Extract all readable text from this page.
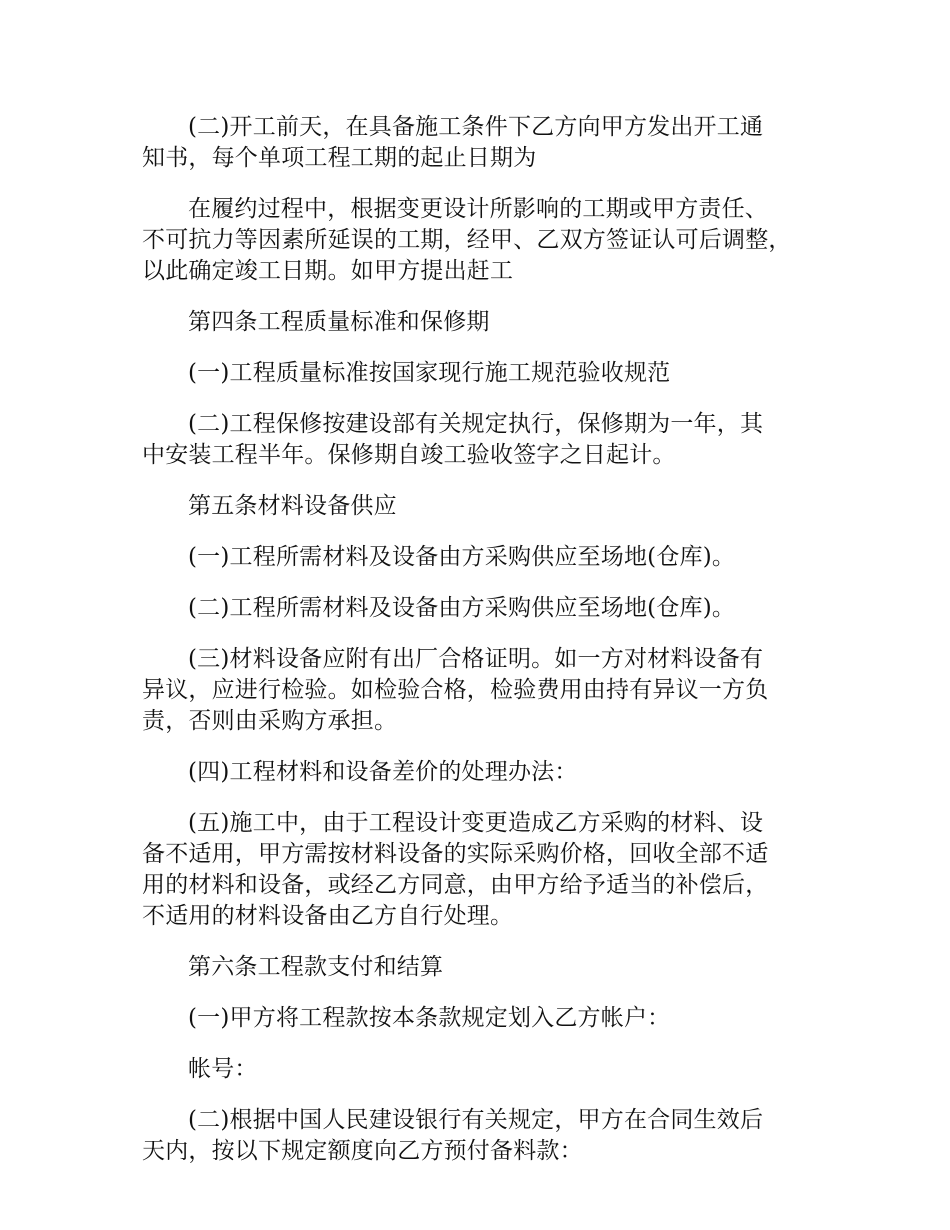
(二)开工前天，在具备施工条件下乙方向甲方发出开工通
知书，每个单项工程工期的起止日期为

在履约过程中，根据变更设计所影响的工期或甲方责任、
不可抗力等因素所延误的工期，经甲、乙双方签证认可后调整，
以此确定竣工日期。如甲方提出赶工

第四条工程质量标准和保修期

(一)工程质量标准按国家现行施工规范验收规范

(二)工程保修按建设部有关规定执行，保修期为一年，其
中安装工程半年。保修期自竣工验收签字之日起计。

第五条材料设备供应

(一)工程所需材料及设备由方采购供应至场地(仓库)。

(二)工程所需材料及设备由方采购供应至场地(仓库)。

(三)材料设备应附有出厂合格证明。如一方对材料设备有
异议，应进行检验。如检验合格，检验费用由持有异议一方负
责，否则由采购方承担。

(四)工程材料和设备差价的处理办法：

(五)施工中，由于工程设计变更造成乙方采购的材料、设
备不适用，甲方需按材料设备的实际采购价格，回收全部不适
用的材料和设备，或经乙方同意，由甲方给予适当的补偿后，
不适用的材料设备由乙方自行处理。

第六条工程款支付和结算

(一)甲方将工程款按本条款规定划入乙方帐户：

帐号：

(二)根据中国人民建设银行有关规定，甲方在合同生效后
天内，按以下规定额度向乙方预付备料款：
